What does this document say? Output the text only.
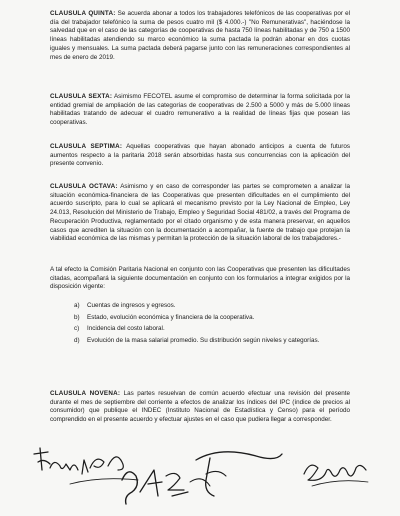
CLAUSULA QUINTA: Se acuerda abonar a todos los trabajadores telefónicos de las cooperativas por el día del trabajador telefónico la suma de pesos cuatro mil ($ 4.000.-) "No Remunerativas", haciéndose la salvedad que en el caso de las categorías de cooperativas de hasta 750 líneas habilitadas y de 750 a 1500 líneas habilitadas atendiendo su marco económico la suma pactada la podrán abonar en dos cuotas iguales y mensuales. La suma pactada deberá pagarse junto con las remuneraciones correspondientes al mes de enero de 2019.

CLAUSULA SEXTA: Asimismo FECOTEL asume el compromiso de determinar la forma solicitada por la entidad gremial de ampliación de las categorías de cooperativas de 2.500 a 5000 y más de 5.000 líneas habilitadas tratando de adecuar el cuadro remunerativo a la realidad de líneas fijas que posean las cooperativas.

CLAUSULA SEPTIMA: Aquellas cooperativas que hayan abonado anticipos a cuenta de futuros aumentos respecto a la paritaria 2018 serán absorbidas hasta sus concurrencias con la aplicación del presente convenio.

CLAUSULA OCTAVA: Asimismo y en caso de corresponder las partes se comprometen a analizar la situación económica-financiera de las Cooperativas que presenten dificultades en el cumplimiento del acuerdo suscripto, para lo cual se aplicará el mecanismo previsto por la Ley Nacional de Empleo, Ley 24.013, Resolución del Ministerio de Trabajo, Empleo y Seguridad Social 481/02, a través del Programa de Recuperación Productiva, reglamentado por el citado organismo y de esta manera preservar, en aquellos casos que acrediten la situación con la documentación a acompañar, la fuente de trabajo que protejan la viabilidad económica de las mismas y permitan la protección de la situación laboral de los trabajadores.-

A tal efecto la Comisión Paritaria Nacional en conjunto con las Cooperativas que presenten las dificultades citadas, acompañará la siguiente documentación en conjunto con los formularios a integrar exigidos por la disposición vigente:

a) Cuentas de ingresos y egresos.
b) Estado, evolución económica y financiera de la cooperativa.
c) Incidencia del costo laboral.
d) Evolución de la masa salarial promedio. Su distribución según niveles y categorías.

CLAUSULA NOVENA: Las partes resuelvan de común acuerdo efectuar una revisión del presente durante el mes de septiembre del corriente a efectos de analizar los índices del IPC (índice de precios al consumidor) que publique el INDEC (Instituto Nacional de Estadística y Censo) para el período comprendido en el presente acuerdo y efectuar ajustes en el caso que pudiera llegar a corresponder.
